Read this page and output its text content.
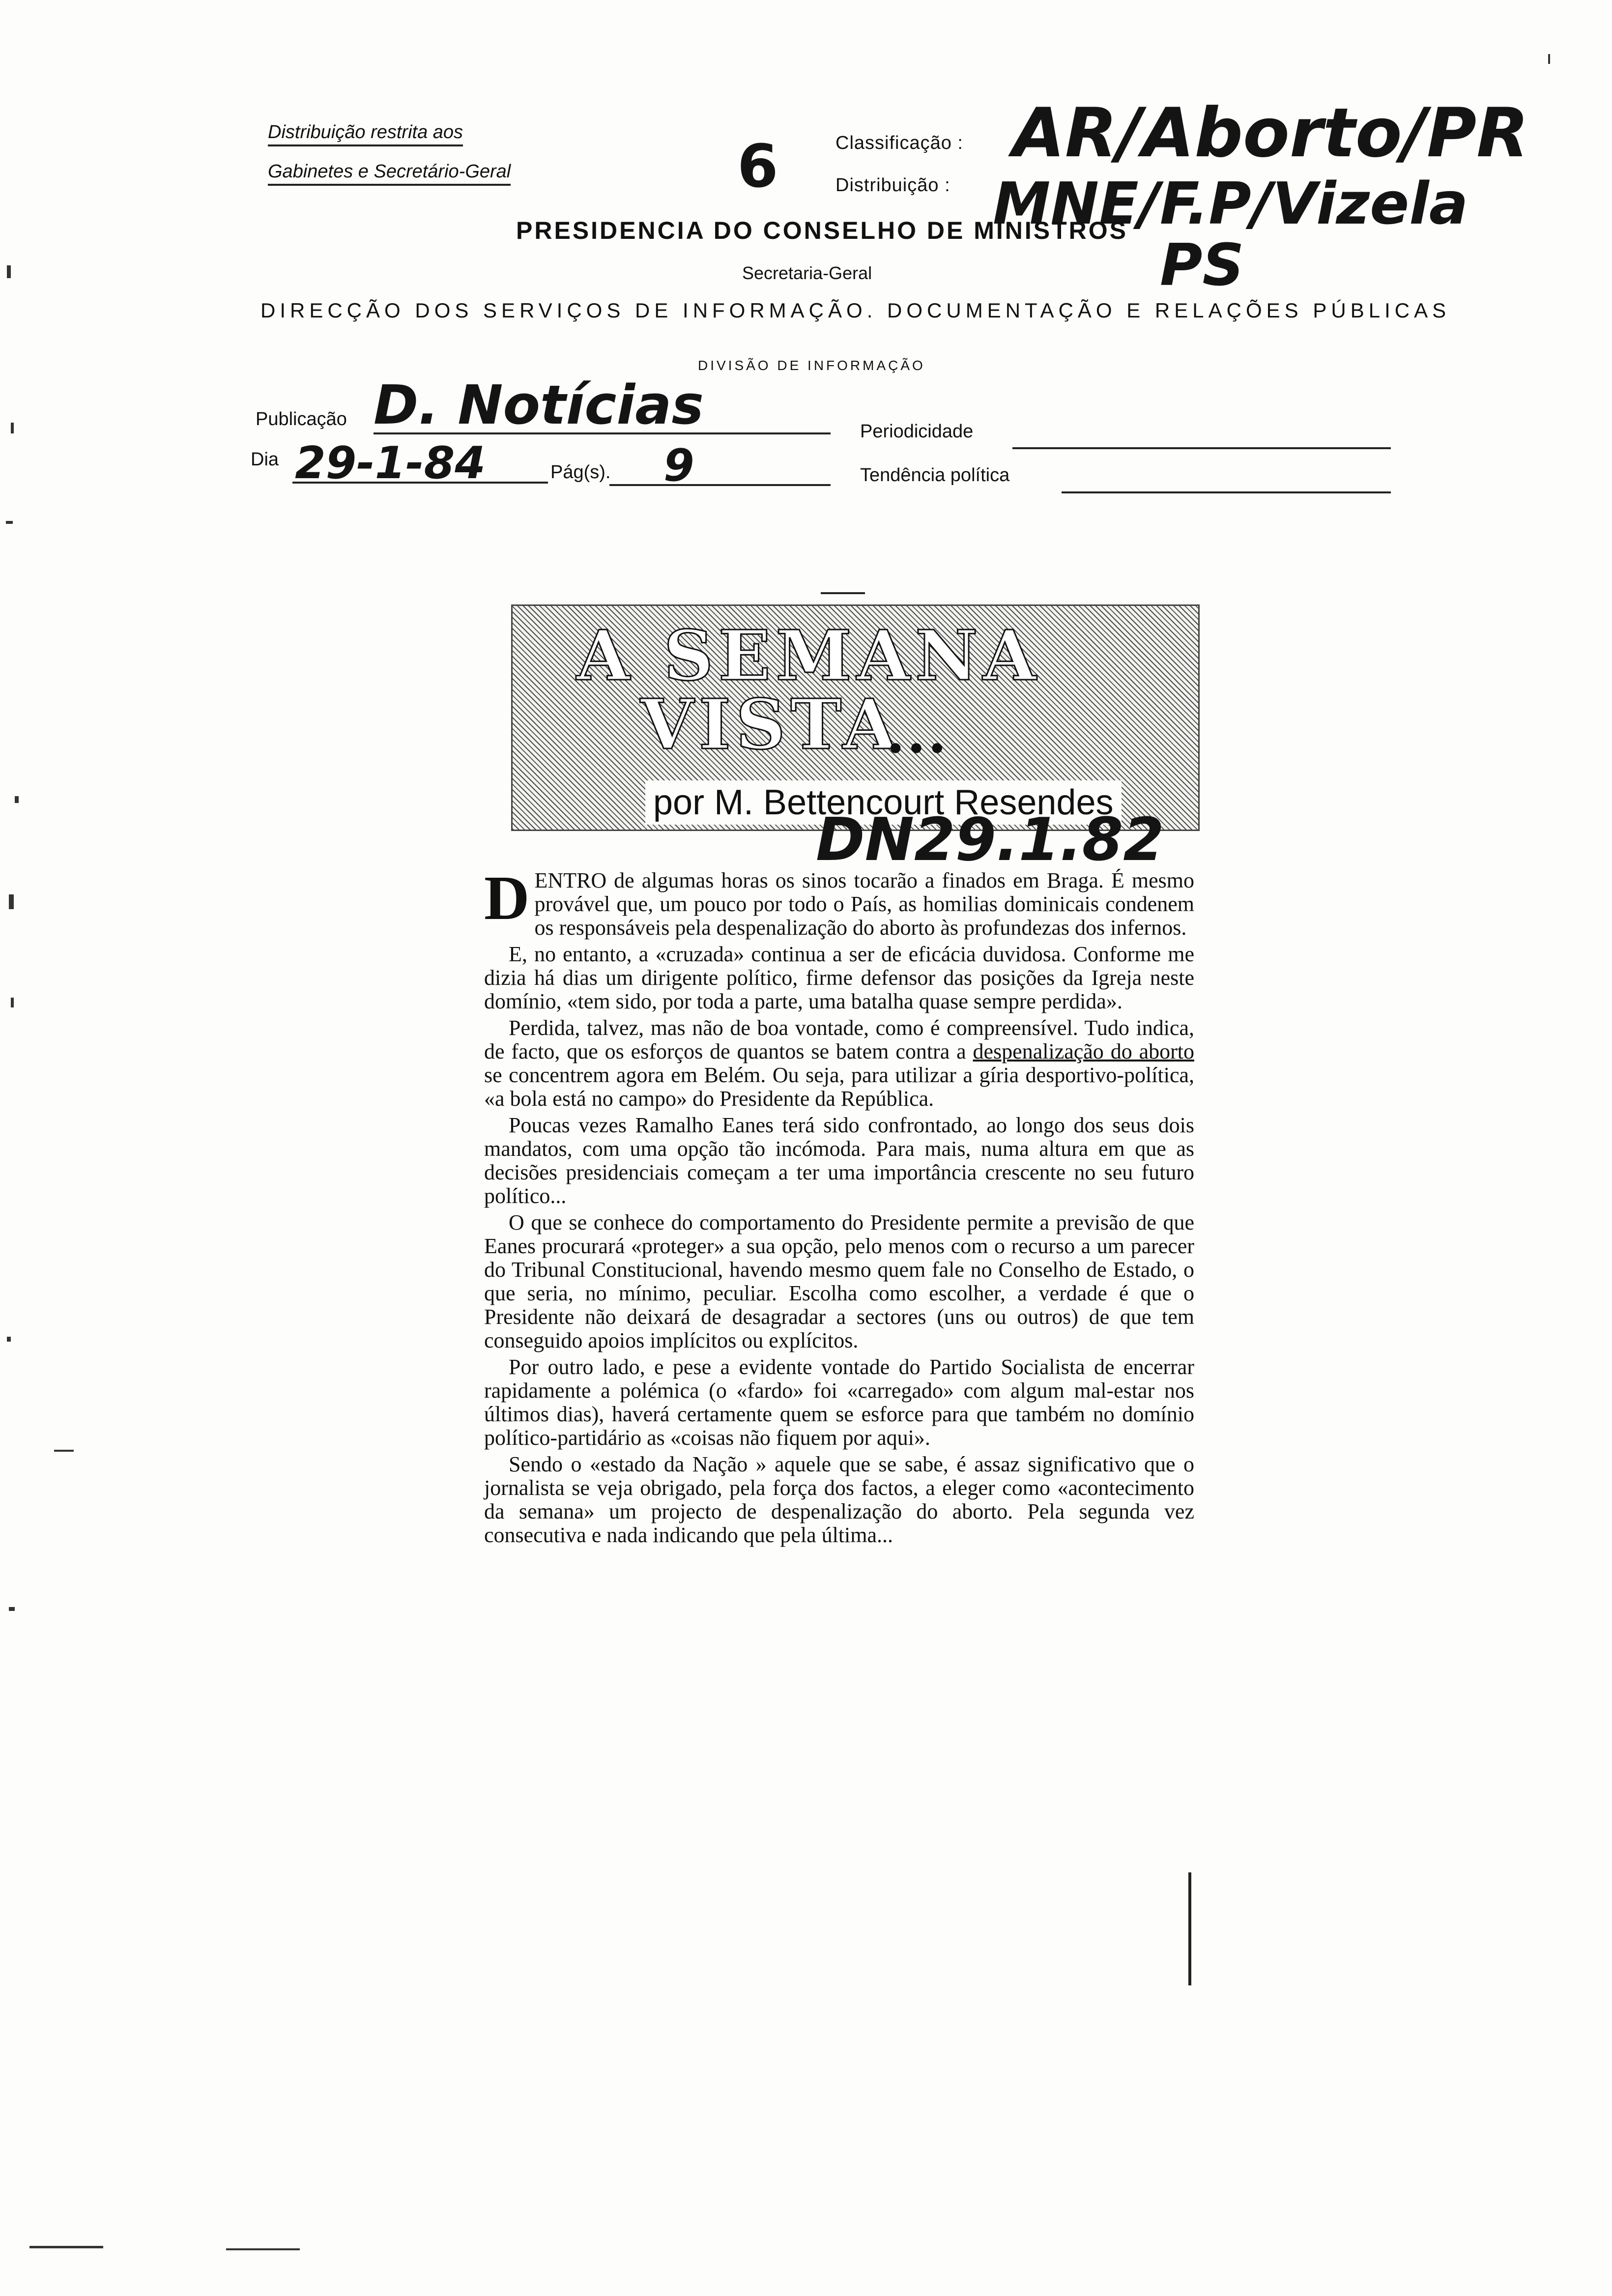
Distribuição restrita aos
Gabinetes e Secretário-Geral	6	Classificação :
Distribuição :
AR/Aborto/PR
MNE/F.P/Vizela
PS
PRESIDENCIA DO CONSELHO DE MINISTROS
Secretaria-Geral
DIRECÇÃO DOS SERVIÇOS DE INFORMAÇÃO. DOCUMENTAÇÃO E RELAÇÕES PÚBLICAS
DIVISÃO DE INFORMAÇÃO
Publicação D. Notícias	Periodicidade
Dia 29-1-84	Pág(s). 9	Tendência política
A SEMANA
VISTA
...
por M. Bettencourt Resendes
DN29.1.82

DENTRO de algumas horas os sinos tocarão a finados em Braga. É mesmo provável que, um pouco por todo o País, as homilias dominicais condenem os responsáveis pela despenalização do aborto às profundezas dos infernos.

E, no entanto, a «cruzada» continua a ser de eficácia duvidosa. Conforme me dizia há dias um dirigente político, firme defensor das posições da Igreja neste domínio, «tem sido, por toda a parte, uma batalha quase sempre perdida».

Perdida, talvez, mas não de boa vontade, como é compreensível. Tudo indica, de facto, que os esforços de quantos se batem contra a despenalização do aborto se concentrem agora em Belém. Ou seja, para utilizar a gíria desportivo-política, «a bola está no campo» do Presidente da República.

Poucas vezes Ramalho Eanes terá sido confrontado, ao longo dos seus dois mandatos, com uma opção tão incómoda. Para mais, numa altura em que as decisões presidenciais começam a ter uma importância crescente no seu futuro político...

O que se conhece do comportamento do Presidente permite a previsão de que Eanes procurará «proteger» a sua opção, pelo menos com o recurso a um parecer do Tribunal Constitucional, havendo mesmo quem fale no Conselho de Estado, o que seria, no mínimo, peculiar. Escolha como escolher, a verdade é que o Presidente não deixará de desagradar a sectores (uns ou outros) de que tem conseguido apoios implícitos ou explícitos.

Por outro lado, e pese a evidente vontade do Partido Socialista de encerrar rapidamente a polémica (o «fardo» foi «carregado» com algum mal-estar nos últimos dias), haverá certamente quem se esforce para que também no domínio político-partidário as «coisas não fiquem por aqui».

Sendo o «estado da Nação » aquele que se sabe, é assaz significativo que o jornalista se veja obrigado, pela força dos factos, a eleger como «acontecimento da semana» um projecto de despenalização do aborto. Pela segunda vez consecutiva e nada indicando que pela última...
